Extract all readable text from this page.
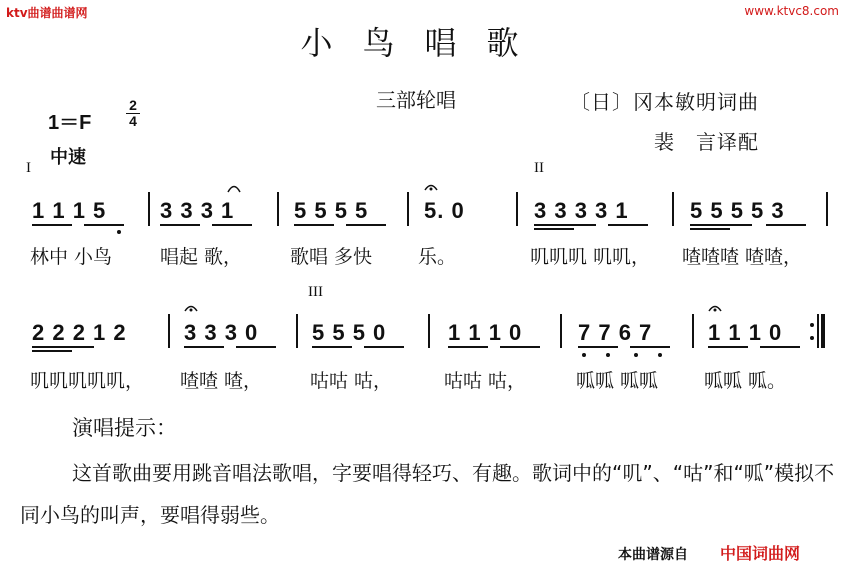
ktv曲谱曲谱网	www.ktvc8.com
小鸟唱歌
三部轮唱	〔日〕冈本敏明词曲
裴　言译配
1＝F
2
4
中速
I	II
III
1 1 1 5 3 3 3 1	5 5 5 5	5. 0	3 3 3 3 1	5 5 5 5 3
林中 小鸟	唱起 歌，	歌唱 多快 乐。	叽叽叽 叽叽， 喳喳喳 喳喳，
2 2 2 1 2	3 3 3 0 5 5 5 0	1 1 1 0	7 7 6 7	1 1 1 0
叽叽叽叽叽， 喳喳 喳，	咕咕 咕，	咕咕 咕，	呱呱 呱呱 呱呱 呱。
演唱提示：
这首歌曲要用跳音唱法歌唱，字要唱得轻巧、有趣。歌词中的“叽”、“咕”和“呱”模拟不同小鸟的叫声，要唱得弱些。
本曲谱源自 中国词曲网
